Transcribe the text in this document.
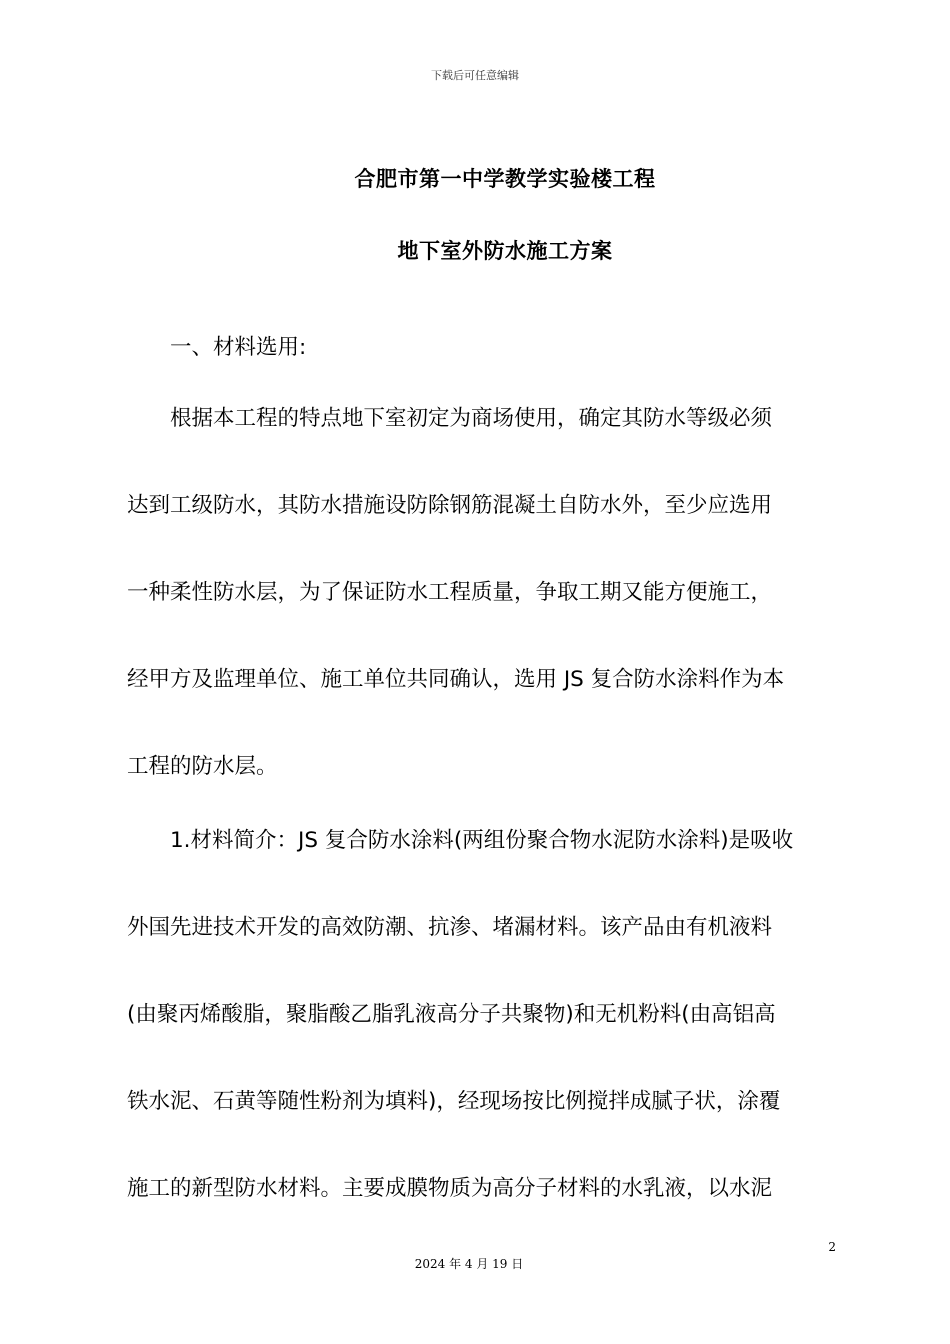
下载后可任意编辑
合肥市第一中学教学实验楼工程
地下室外防水施工方案
一、材料选用:
根据本工程的特点地下室初定为商场使用，确定其防水等级必须
达到工级防水，其防水措施设防除钢筋混凝土自防水外，至少应选用
一种柔性防水层，为了保证防水工程质量，争取工期又能方便施工，
经甲方及监理单位、施工单位共同确认，选用 JS 复合防水涂料作为本
工程的防水层。
1.材料简介：JS 复合防水涂料(两组份聚合物水泥防水涂料)是吸收
外国先进技术开发的高效防潮、抗渗、堵漏材料。该产品由有机液料
(由聚丙烯酸脂，聚脂酸乙脂乳液高分子共聚物)和无机粉料(由高铝高
铁水泥、石黄等随性粉剂为填料)，经现场按比例搅拌成腻子状，涂覆
施工的新型防水材料。主要成膜物质为高分子材料的水乳液，以水泥
2
2024 年 4 月 19 日
